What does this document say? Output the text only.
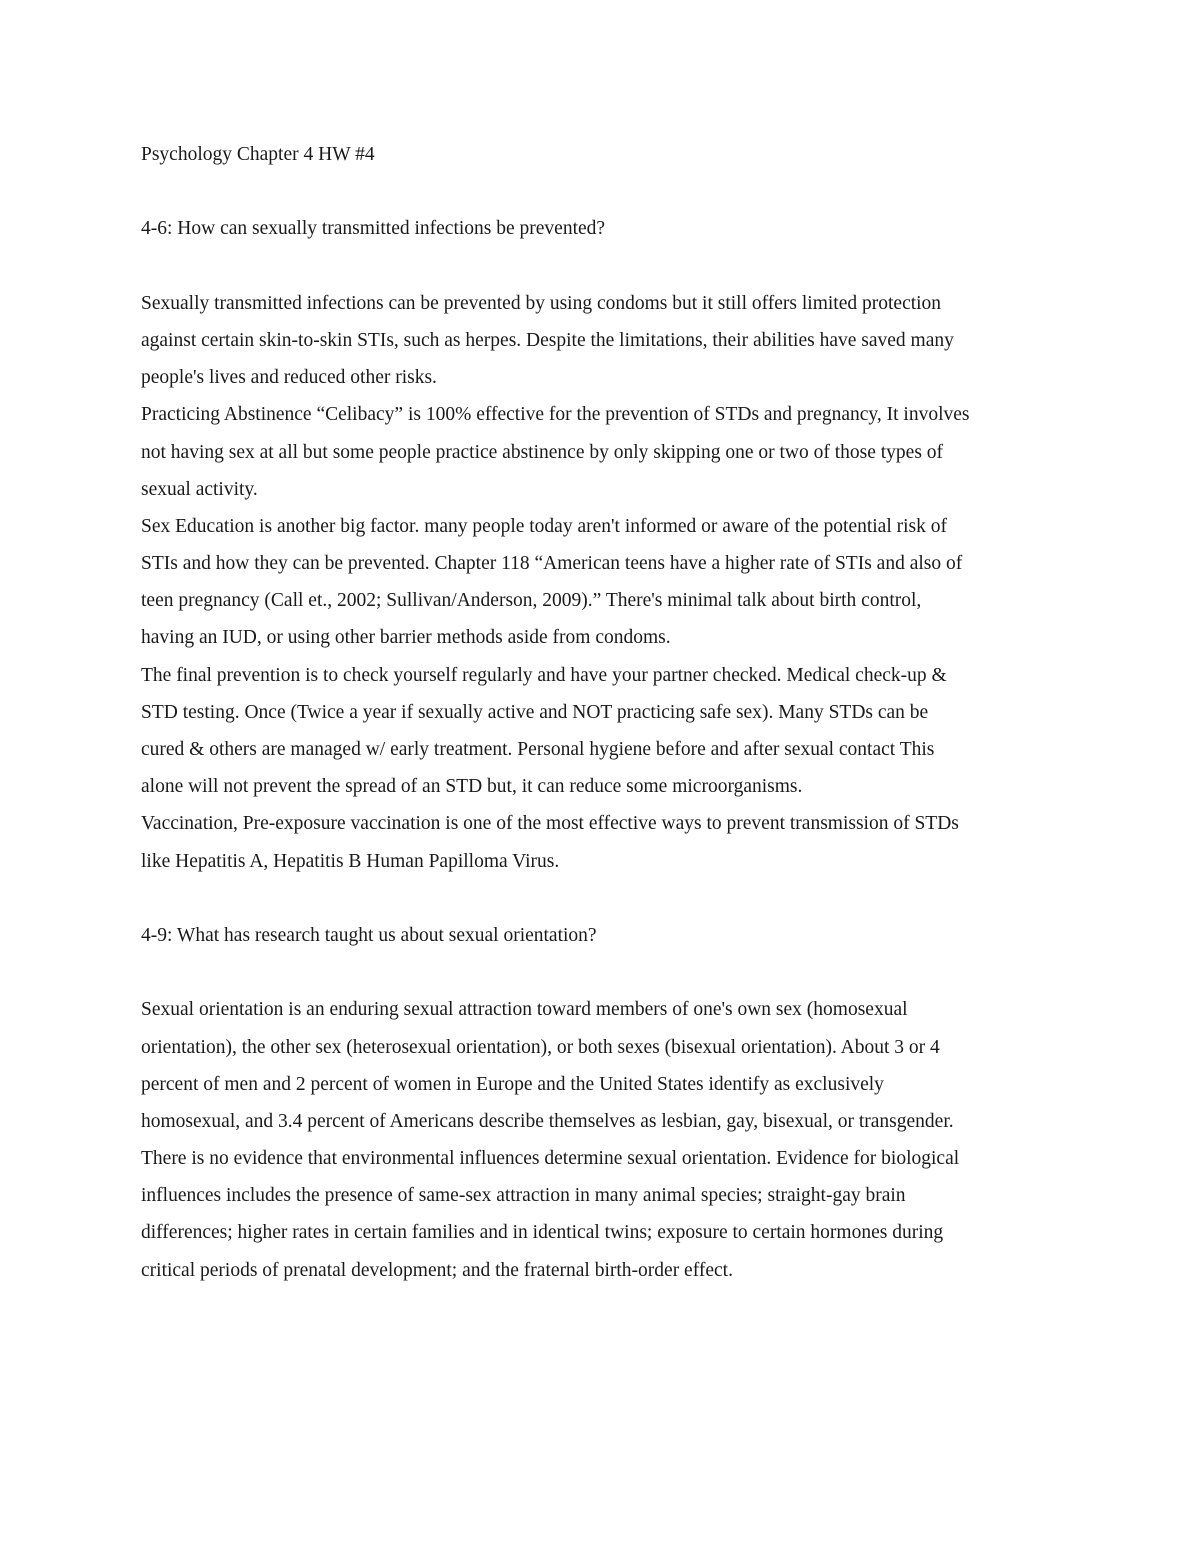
Psychology Chapter 4 HW #4
4-6: How can sexually transmitted infections be prevented?
Sexually transmitted infections can be prevented by using condoms but it still offers limited protection
against certain skin-to-skin STIs, such as herpes. Despite the limitations, their abilities have saved many
people's lives and reduced other risks.
Practicing Abstinence “Celibacy” is 100% effective for the prevention of STDs and pregnancy, It involves
not having sex at all but some people practice abstinence by only skipping one or two of those types of
sexual activity.
Sex Education is another big factor. many people today aren't informed or aware of the potential risk of
STIs and how they can be prevented. Chapter 118 “American teens have a higher rate of STIs and also of
teen pregnancy (Call et., 2002; Sullivan/Anderson, 2009).” There's minimal talk about birth control,
having an IUD, or using other barrier methods aside from condoms.
The final prevention is to check yourself regularly and have your partner checked. Medical check-up &
STD testing. Once (Twice a year if sexually active and NOT practicing safe sex). Many STDs can be
cured & others are managed w/ early treatment. Personal hygiene before and after sexual contact This
alone will not prevent the spread of an STD but, it can reduce some microorganisms.
Vaccination, Pre-exposure vaccination is one of the most effective ways to prevent transmission of STDs
like Hepatitis A, Hepatitis B Human Papilloma Virus.
4-9: What has research taught us about sexual orientation?
Sexual orientation is an enduring sexual attraction toward members of one's own sex (homosexual
orientation), the other sex (heterosexual orientation), or both sexes (bisexual orientation). About 3 or 4
percent of men and 2 percent of women in Europe and the United States identify as exclusively
homosexual, and 3.4 percent of Americans describe themselves as lesbian, gay, bisexual, or transgender.
There is no evidence that environmental influences determine sexual orientation. Evidence for biological
influences includes the presence of same-sex attraction in many animal species; straight-gay brain
differences; higher rates in certain families and in identical twins; exposure to certain hormones during
critical periods of prenatal development; and the fraternal birth-order effect.
